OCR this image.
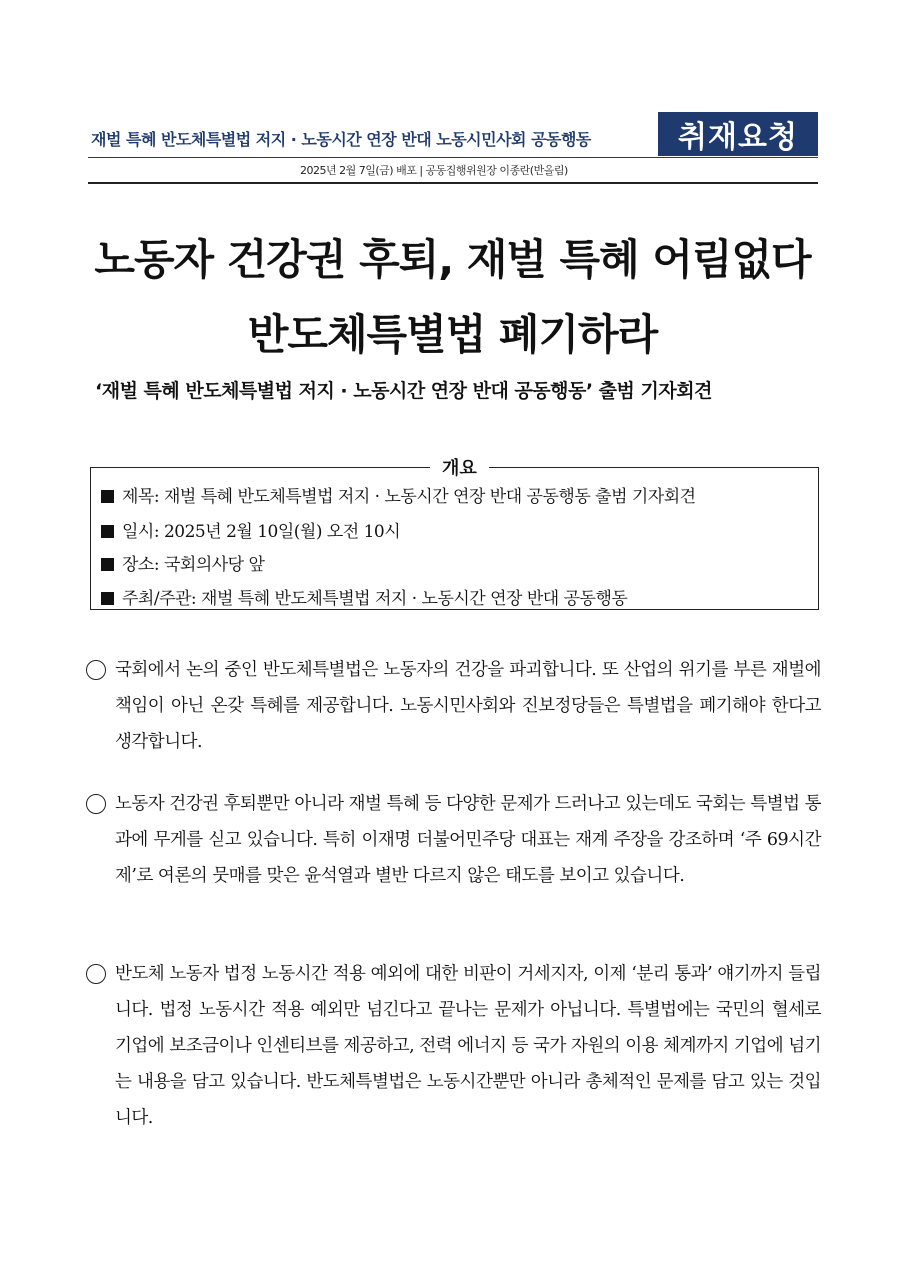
재벌 특혜 반도체특별법 저지 · 노동시간 연장 반대 노동시민사회 공동행동	취재요청
2025년 2월 7일(금) 배포 | 공동집행위원장 이종란(반올림)
노동자 건강권 후퇴, 재벌 특혜 어림없다
반도체특별법 폐기하라
‘재벌 특혜 반도체특별법 저지 · 노동시간 연장 반대 공동행동’ 출범 기자회견
개요
제목: 재벌 특혜 반도체특별법 저지 · 노동시간 연장 반대 공동행동 출범 기자회견
일시: 2025년 2월 10일(월) 오전 10시
장소: 국회의사당 앞
주최/주관: 재벌 특혜 반도체특별법 저지 · 노동시간 연장 반대 공동행동
국회에서 논의 중인 반도체특별법은 노동자의 건강을 파괴합니다. 또 산업의 위기를 부른 재벌에 책임이 아닌 온갖 특혜를 제공합니다. 노동시민사회와 진보정당들은 특별법을 폐기해야 한다고 생각합니다.
노동자 건강권 후퇴뿐만 아니라 재벌 특혜 등 다양한 문제가 드러나고 있는데도 국회는 특별법 통과에 무게를 싣고 있습니다. 특히 이재명 더불어민주당 대표는 재계 주장을 강조하며 ‘주 69시간제’로 여론의 뭇매를 맞은 윤석열과 별반 다르지 않은 태도를 보이고 있습니다.
반도체 노동자 법정 노동시간 적용 예외에 대한 비판이 거세지자, 이제 ‘분리 통과’ 얘기까지 들립니다. 법정 노동시간 적용 예외만 넘긴다고 끝나는 문제가 아닙니다. 특별법에는 국민의 혈세로 기업에 보조금이나 인센티브를 제공하고, 전력 에너지 등 국가 자원의 이용 체계까지 기업에 넘기는 내용을 담고 있습니다. 반도체특별법은 노동시간뿐만 아니라 총체적인 문제를 담고 있는 것입니다.
